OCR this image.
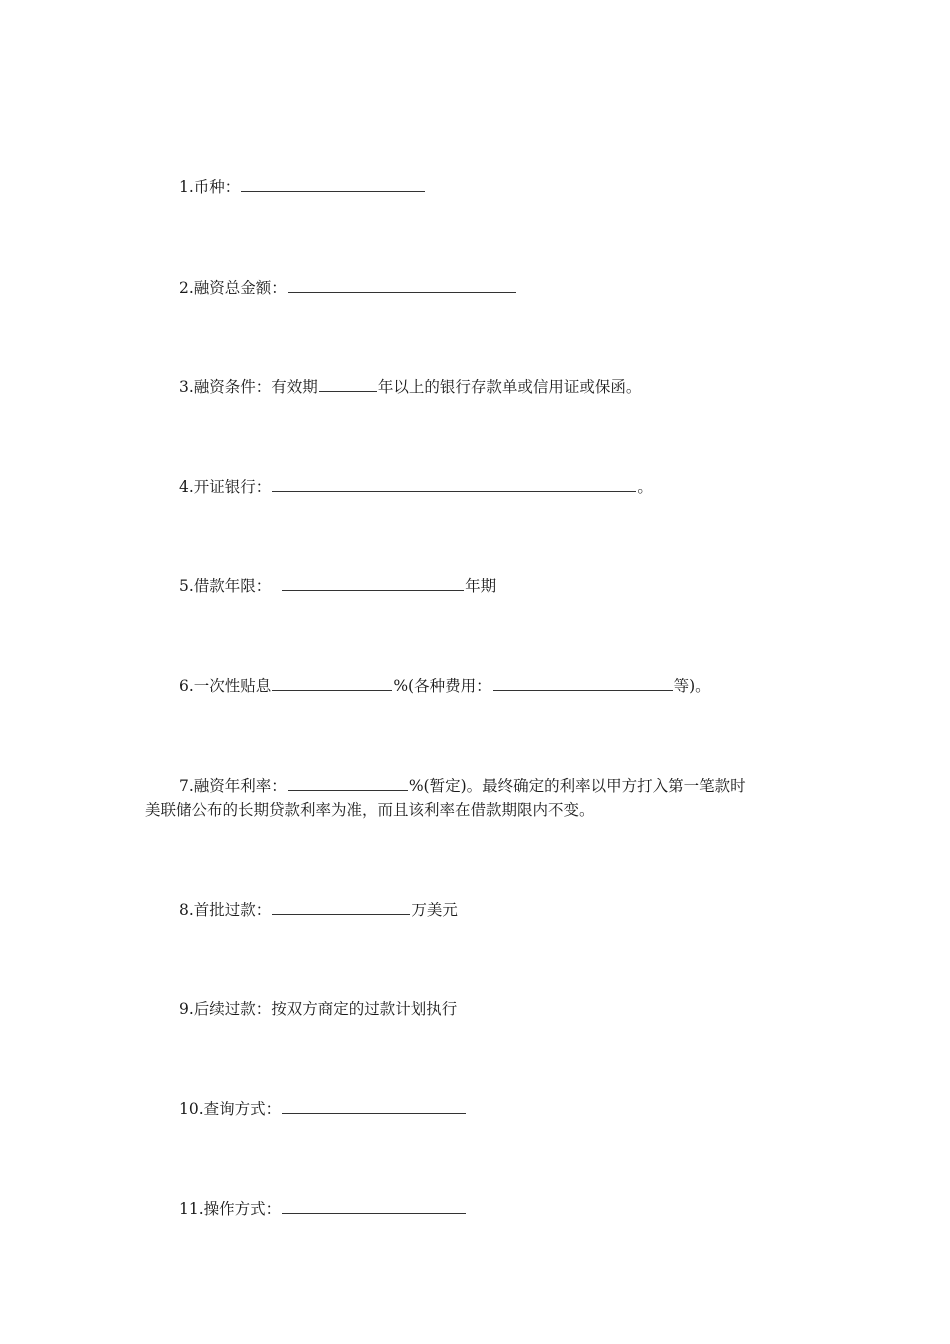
1.币种：
2.融资总金额：
3.融资条件：有效期	年以上的银行存款单或信用证或保函。
4.开证银行：	。
5.借款年限：	年期
6.一次性贴息	%(各种费用：	等)。
7.融资年利率：	%(暂定)。最终确定的利率以甲方打入第一笔款时
美联储公布的长期贷款利率为准，而且该利率在借款期限内不变。
8.首批过款：	万美元
9.后续过款：按双方商定的过款计划执行
10.查询方式：
11.操作方式：
